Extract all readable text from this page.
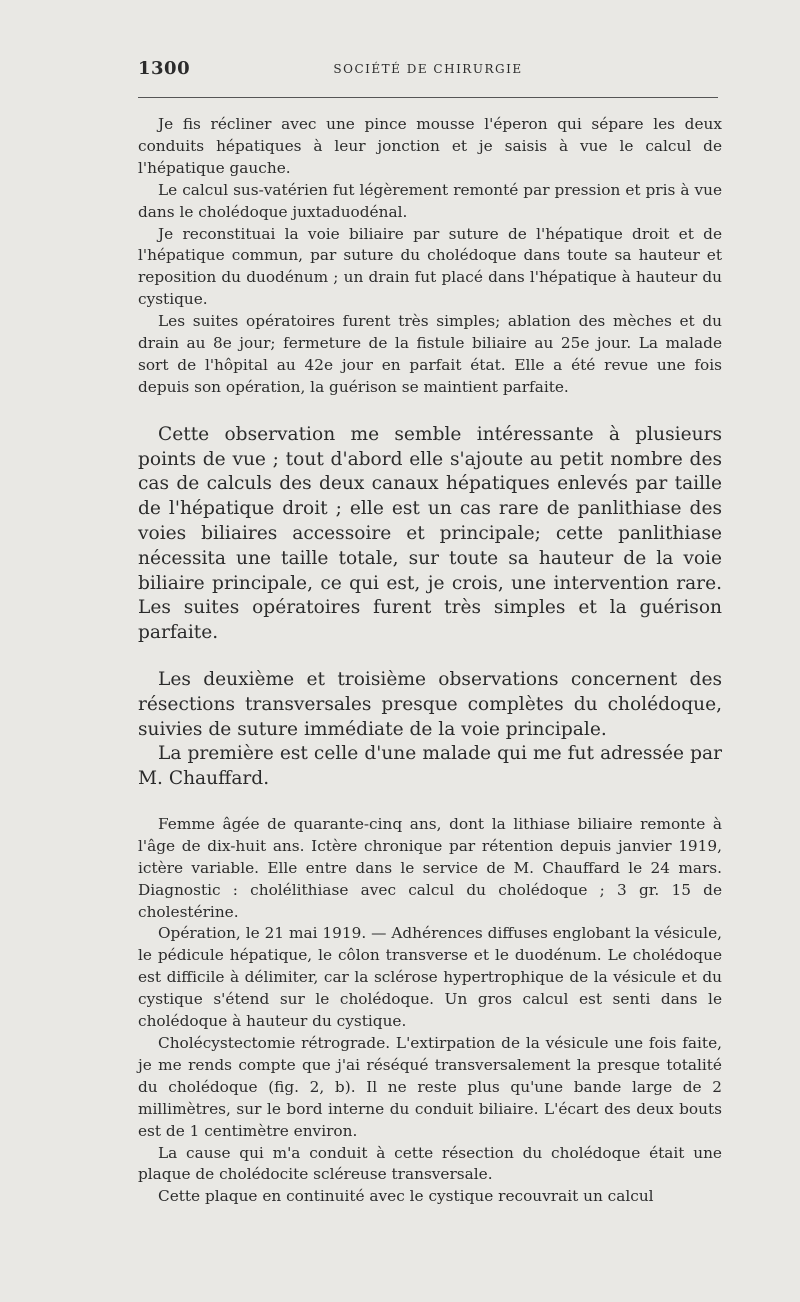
1300	SOCIÉTÉ DE CHIRURGIE

Je fis récliner avec une pince mousse l'éperon qui sépare les deux conduits hépatiques à leur jonction et je saisis à vue le calcul de l'hépatique gauche.

Le calcul sus-vatérien fut légèrement remonté par pression et pris à vue dans le cholédoque juxtaduodénal.

Je reconstituai la voie biliaire par suture de l'hépatique droit et de l'hépatique commun, par suture du cholédoque dans toute sa hauteur et reposition du duodénum ; un drain fut placé dans l'hépatique à hauteur du cystique.

Les suites opératoires furent très simples; ablation des mèches et du drain au 8e jour; fermeture de la fistule biliaire au 25e jour. La malade sort de l'hôpital au 42e jour en parfait état. Elle a été revue une fois depuis son opération, la guérison se maintient parfaite.

Cette observation me semble intéressante à plusieurs points de vue ; tout d'abord elle s'ajoute au petit nombre des cas de calculs des deux canaux hépatiques enlevés par taille de l'hépatique droit ; elle est un cas rare de panlithiase des voies biliaires accessoire et principale; cette panlithiase nécessita une taille totale, sur toute sa hauteur de la voie biliaire principale, ce qui est, je crois, une intervention rare. Les suites opératoires furent très simples et la guérison parfaite.

Les deuxième et troisième observations concernent des résections transversales presque complètes du cholédoque, suivies de suture immédiate de la voie principale.

La première est celle d'une malade qui me fut adressée par M. Chauffard.

Femme âgée de quarante-cinq ans, dont la lithiase biliaire remonte à l'âge de dix-huit ans. Ictère chronique par rétention depuis janvier 1919, ictère variable. Elle entre dans le service de M. Chauffard le 24 mars. Diagnostic : cholélithiase avec calcul du cholédoque ; 3 gr. 15 de cholestérine.

Opération, le 21 mai 1919. — Adhérences diffuses englobant la vésicule, le pédicule hépatique, le côlon transverse et le duodénum. Le cholédoque est difficile à délimiter, car la sclérose hypertrophique de la vésicule et du cystique s'étend sur le cholédoque. Un gros calcul est senti dans le cholédoque à hauteur du cystique.

Cholécystectomie rétrograde. L'extirpation de la vésicule une fois faite, je me rends compte que j'ai réséqué transversalement la presque totalité du cholédoque (fig. 2, b). Il ne reste plus qu'une bande large de 2 millimètres, sur le bord interne du conduit biliaire. L'écart des deux bouts est de 1 centimètre environ.

La cause qui m'a conduit à cette résection du cholédoque était une plaque de cholédocite scléreuse transversale.

Cette plaque en continuité avec le cystique recouvrait un calcul
